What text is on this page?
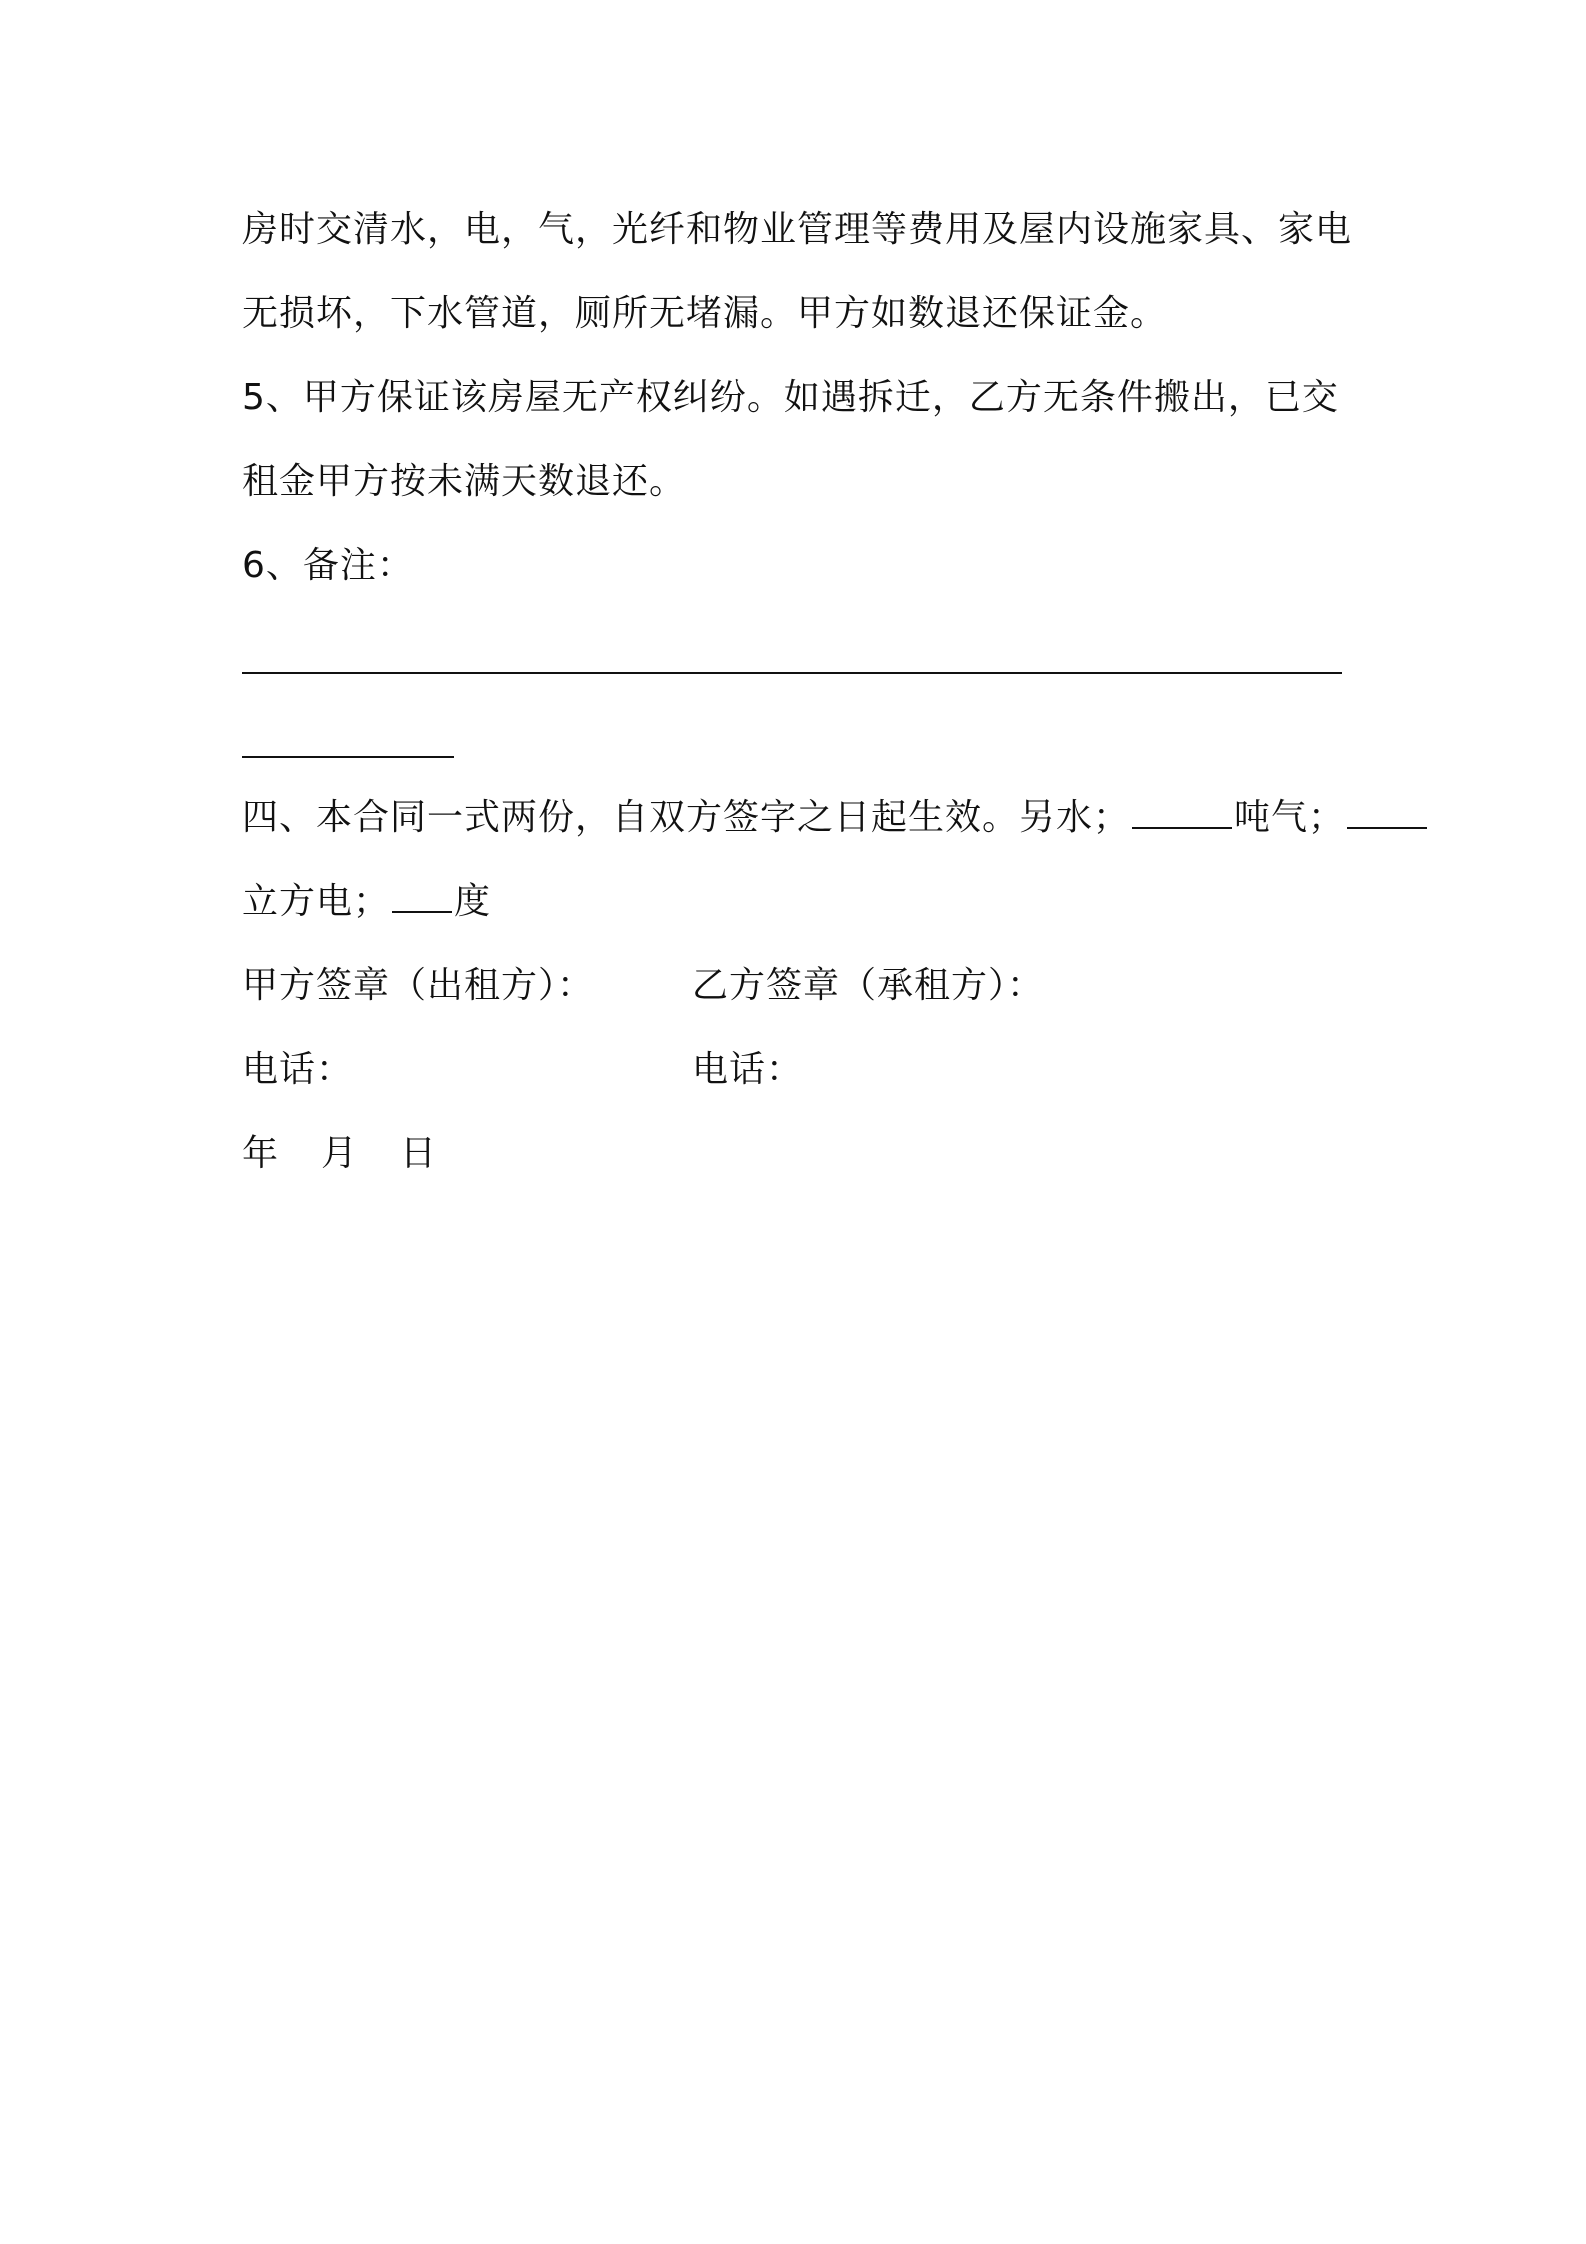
房时交清水，电，气，光纤和物业管理等费用及屋内设施家具、家电
无损坏，下水管道，厕所无堵漏。甲方如数退还保证金。
5、甲方保证该房屋无产权纠纷。如遇拆迁，乙方无条件搬出，已交
租金甲方按未满天数退还。
6、备注：
四、本合同一式两份，自双方签字之日起生效。另水；	吨气；
立方电； 度
甲方签章（出租方）：	乙方签章（承租方）：
电话：	电话：
年 月 日
